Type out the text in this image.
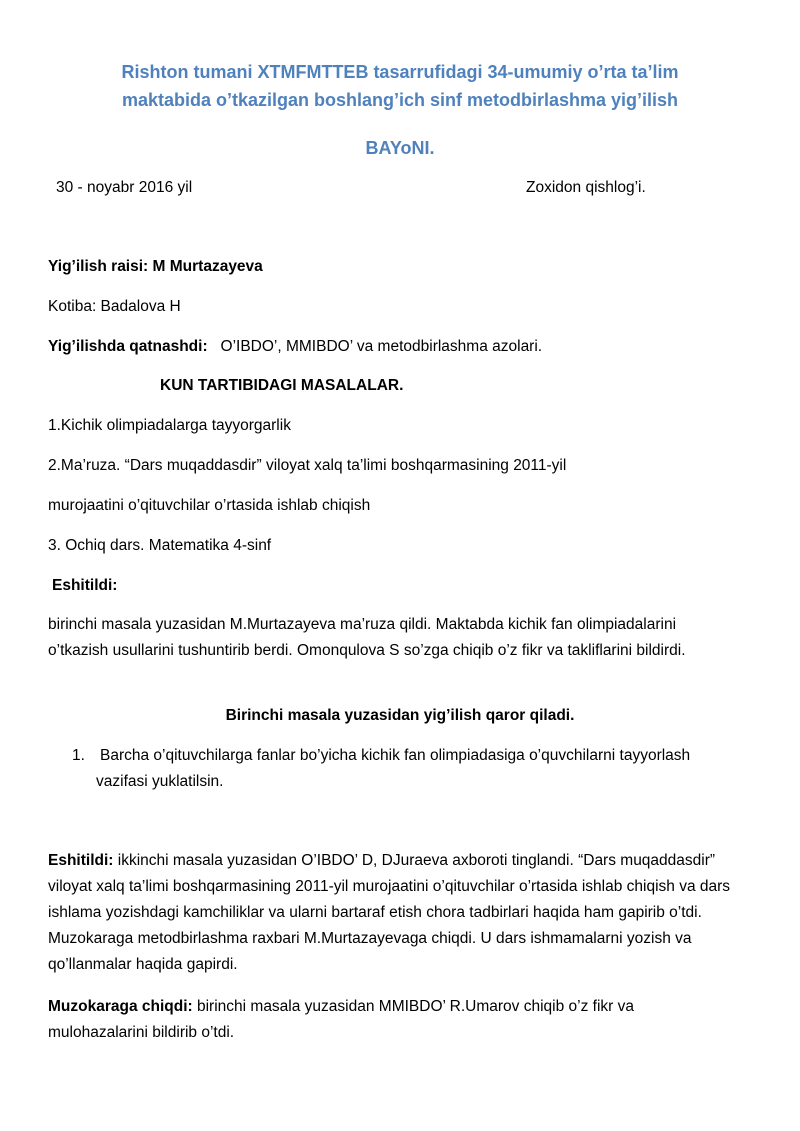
Rishton tumani XTMFMTTEB tasarrufidagi 34-umumiy o’rta ta’lim
maktabida o’tkazilgan boshlang’ich sinf metodbirlashma yig’ilish
BAYoNI.
30 - noyabr 2016 yil	Zoxidon qishlog’i.
Yig’ilish raisi: M Murtazayeva
Kotiba: Badalova H
Yig’ilishda qatnashdi: O’IBDO’, MMIBDO’ va metodbirlashma azolari.
KUN TARTIBIDAGI MASALALAR.
1.Kichik olimpiadalarga tayyorgarlik
2.Ma’ruza. “Dars muqaddasdir” viloyat xalq ta’limi boshqarmasining 2011-yil
murojaatini o’qituvchilar o’rtasida ishlab chiqish
3. Ochiq dars. Matematika 4-sinf
Eshitildi:
birinchi masala yuzasidan M.Murtazayeva ma’ruza qildi. Maktabda kichik fan olimpiadalarini o’tkazish usullarini tushuntirib berdi. Omonqulova S so’zga chiqib o’z fikr va takliflarini bildirdi.
Birinchi masala yuzasidan yig’ilish qaror qiladi.
1. Barcha o’qituvchilarga fanlar bo’yicha kichik fan olimpiadasiga o’quvchilarni tayyorlash vazifasi yuklatilsin.
Eshitildi: ikkinchi masala yuzasidan O’IBDO’ D, DJuraeva axboroti tinglandi. “Dars muqaddasdir” viloyat xalq ta’limi boshqarmasining 2011-yil murojaatini o’qituvchilar o’rtasida ishlab chiqish va dars ishlama yozishdagi kamchiliklar va ularni bartaraf etish chora tadbirlari haqida ham gapirib o’tdi. Muzokaraga metodbirlashma raxbari M.Murtazayevaga chiqdi. U dars ishmamalarni yozish va qo’llanmalar haqida gapirdi.
Muzokaraga chiqdi: birinchi masala yuzasidan MMIBDO’ R.Umarov chiqib o’z fikr va mulohazalarini bildirib o’tdi.
